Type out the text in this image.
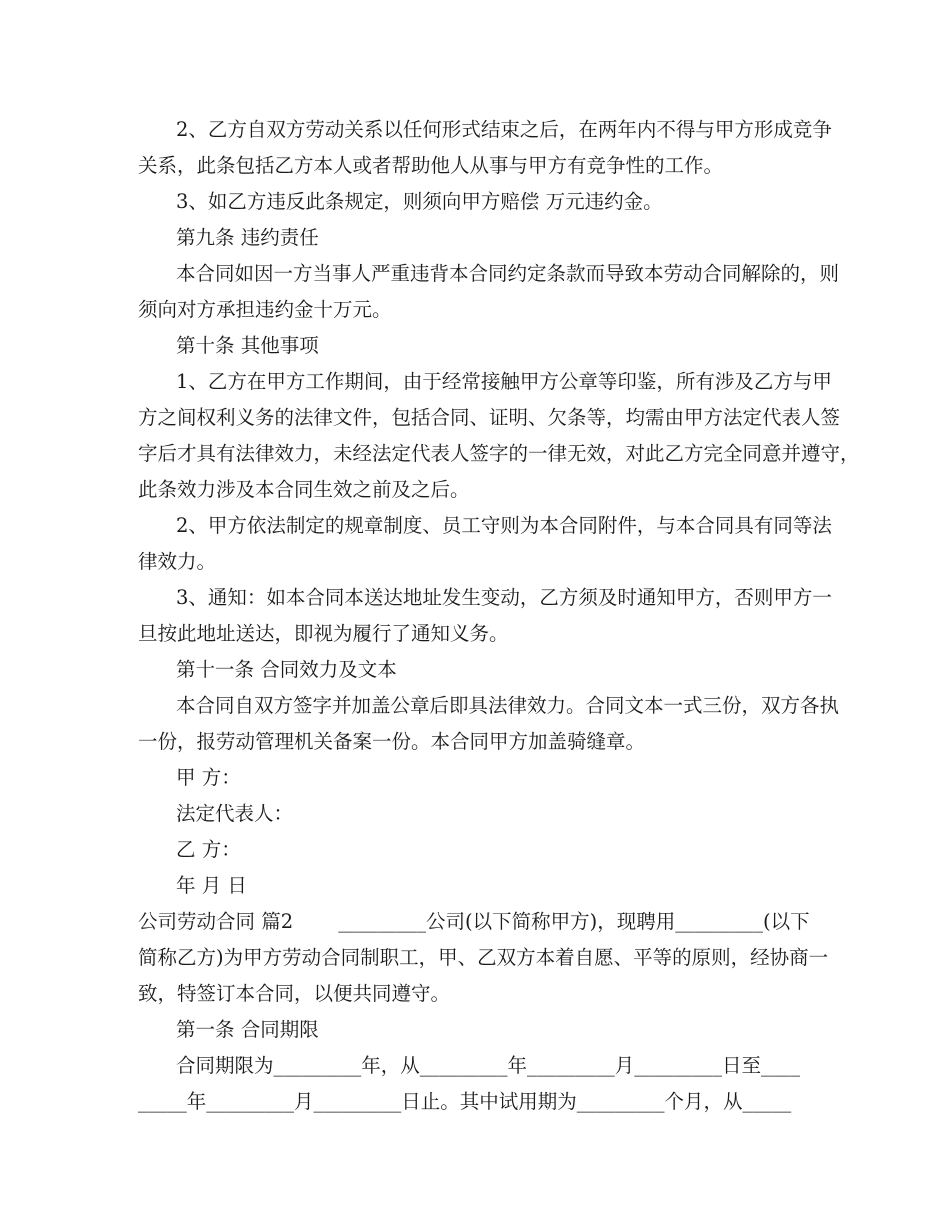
2、乙方自双方劳动关系以任何形式结束之后，在两年内不得与甲方形成竞争
关系，此条包括乙方本人或者帮助他人从事与甲方有竞争性的工作。
3、如乙方违反此条规定，则须向甲方赔偿 万元违约金。
第九条 违约责任
本合同如因一方当事人严重违背本合同约定条款而导致本劳动合同解除的，则
须向对方承担违约金十万元。
第十条 其他事项
1、乙方在甲方工作期间，由于经常接触甲方公章等印鉴，所有涉及乙方与甲
方之间权利义务的法律文件，包括合同、证明、欠条等，均需由甲方法定代表人签
字后才具有法律效力，未经法定代表人签字的一律无效，对此乙方完全同意并遵守，
此条效力涉及本合同生效之前及之后。
2、甲方依法制定的规章制度、员工守则为本合同附件，与本合同具有同等法
律效力。
3、通知：如本合同本送达地址发生变动，乙方须及时通知甲方，否则甲方一
旦按此地址送达，即视为履行了通知义务。
第十一条 合同效力及文本
本合同自双方签字并加盖公章后即具法律效力。合同文本一式三份，双方各执
一份，报劳动管理机关备案一份。本合同甲方加盖骑缝章。
甲 方：
法定代表人：
乙 方：
年 月 日
公司劳动合同 篇2　　 _________公司(以下简称甲方)，现聘用_________(以下
简称乙方)为甲方劳动合同制职工，甲、乙双方本着自愿、平等的原则，经协商一
致，特签订本合同，以便共同遵守。
第一条 合同期限
合同期限为_________年，从_________年_________月_________日至____
_____年_________月_________日止。其中试用期为_________个月，从_____
